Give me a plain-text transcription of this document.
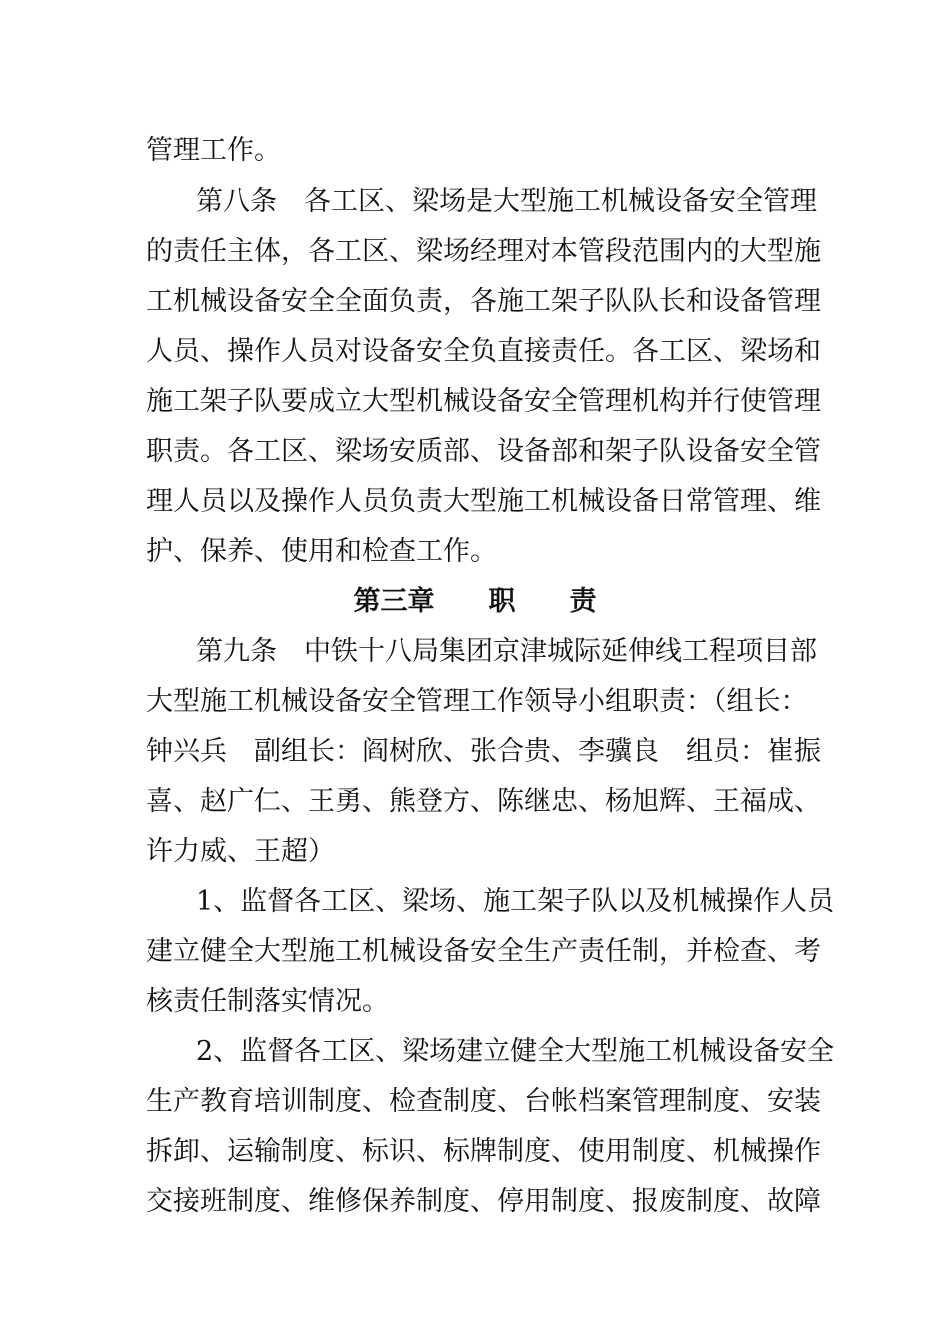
管理工作。
第八条　各工区、梁场是大型施工机械设备安全管理
的责任主体，各工区、梁场经理对本管段范围内的大型施
工机械设备安全全面负责，各施工架子队队长和设备管理
人员、操作人员对设备安全负直接责任。各工区、梁场和
施工架子队要成立大型机械设备安全管理机构并行使管理
职责。各工区、梁场安质部、设备部和架子队设备安全管
理人员以及操作人员负责大型施工机械设备日常管理、维
护、保养、使用和检查工作。
第三章　　职　　责
第九条　中铁十八局集团京津城际延伸线工程项目部
大型施工机械设备安全管理工作领导小组职责：（组长：
钟兴兵　副组长：阎树欣、张合贵、李骥良　组员：崔振
喜、赵广仁、王勇、熊登方、陈继忠、杨旭辉、王福成、
许力威、王超）
1、监督各工区、梁场、施工架子队以及机械操作人员
建立健全大型施工机械设备安全生产责任制，并检查、考
核责任制落实情况。
2、监督各工区、梁场建立健全大型施工机械设备安全
生产教育培训制度、检查制度、台帐档案管理制度、安装
拆卸、运输制度、标识、标牌制度、使用制度、机械操作
交接班制度、维修保养制度、停用制度、报废制度、故障
